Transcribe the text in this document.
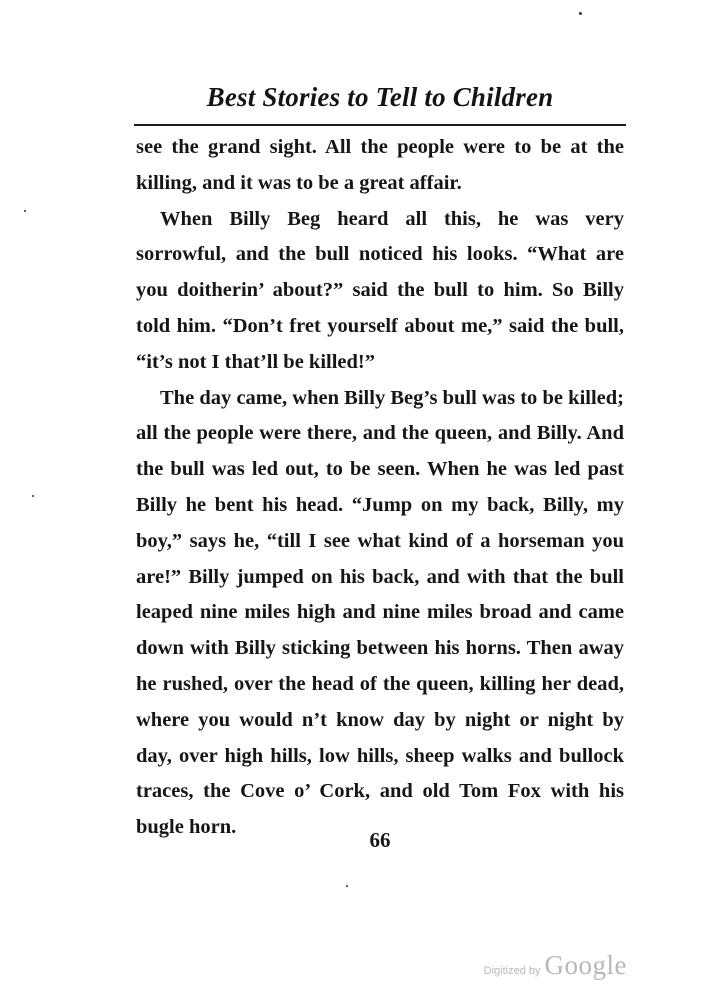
Best Stories to Tell to Children

see the grand sight. All the people were to be at the killing, and it was to be a great affair.

When Billy Beg heard all this, he was very sorrowful, and the bull noticed his looks. “What are you doitherin’ about?” said the bull to him. So Billy told him. “Don’t fret yourself about me,” said the bull, “it’s not I that’ll be killed!”

The day came, when Billy Beg’s bull was to be killed; all the people were there, and the queen, and Billy. And the bull was led out, to be seen. When he was led past Billy he bent his head. “Jump on my back, Billy, my boy,” says he, “till I see what kind of a horseman you are!” Billy jumped on his back, and with that the bull leaped nine miles high and nine miles broad and came down with Billy sticking between his horns. Then away he rushed, over the head of the queen, killing her dead, where you would n’t know day by night or night by day, over high hills, low hills, sheep walks and bullock traces, the Cove o’ Cork, and old Tom Fox with his bugle horn.

66
Digitized by Google
